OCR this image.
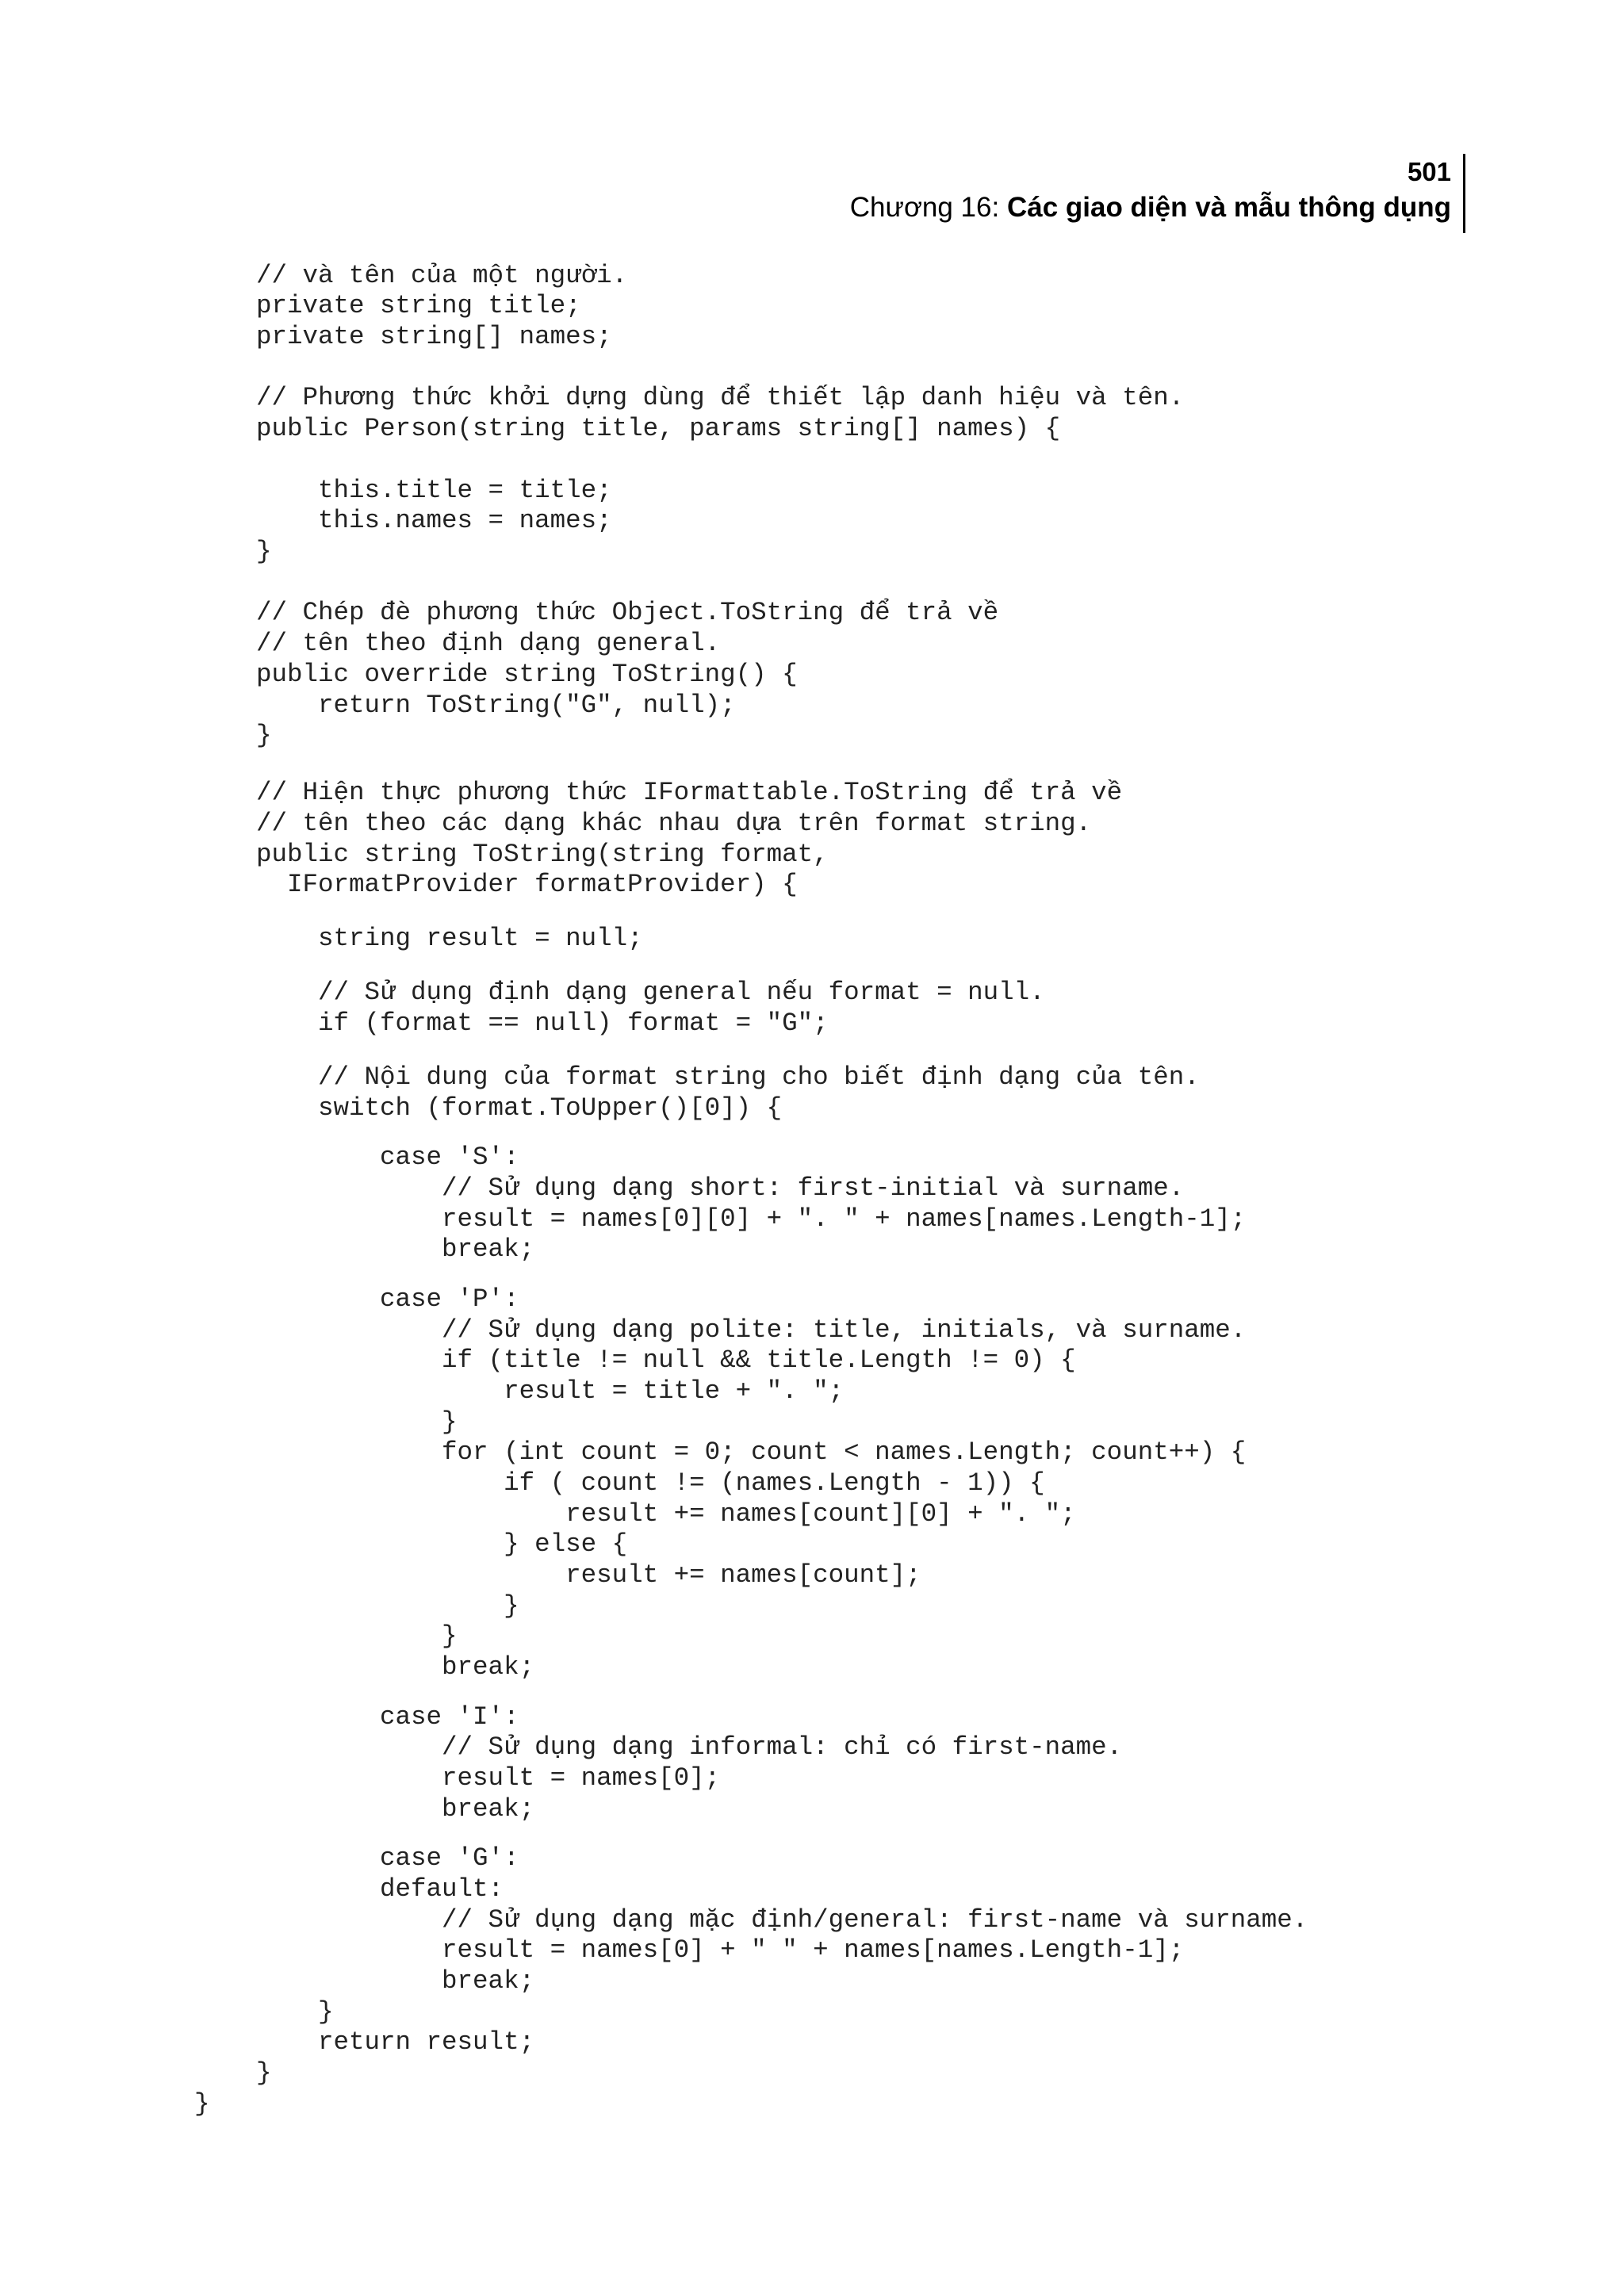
501
Chương 16: Các giao diện và mẫu thông dụng
// và tên của một người.
private string title;
private string[] names;
// Phương thức khởi dựng dùng để thiết lập danh hiệu và tên.
public Person(string title, params string[] names) {
this.title = title;
this.names = names;
}
// Chép đè phương thức Object.ToString để trả về
// tên theo định dạng general.
public override string ToString() {
return ToString("G", null);
}
// Hiện thực phương thức IFormattable.ToString để trả về
// tên theo các dạng khác nhau dựa trên format string.
public string ToString(string format,
IFormatProvider formatProvider) {
string result = null;
// Sử dụng định dạng general nếu format = null.
if (format == null) format = "G";
// Nội dung của format string cho biết định dạng của tên.
switch (format.ToUpper()[0]) {
case 'S':
// Sử dụng dạng short: first-initial và surname.
result = names[0][0] + ". " + names[names.Length-1];
break;
case 'P':
// Sử dụng dạng polite: title, initials, và surname.
if (title != null && title.Length != 0) {
result = title + ". ";
}
for (int count = 0; count < names.Length; count++) {
if ( count != (names.Length - 1)) {
result += names[count][0] + ". ";
} else {
result += names[count];
}
}
break;
case 'I':
// Sử dụng dạng informal: chỉ có first-name.
result = names[0];
break;
case 'G':
default:
// Sử dụng dạng mặc định/general: first-name và surname.
result = names[0] + " " + names[names.Length-1];
break;
}
return result;
}
}
